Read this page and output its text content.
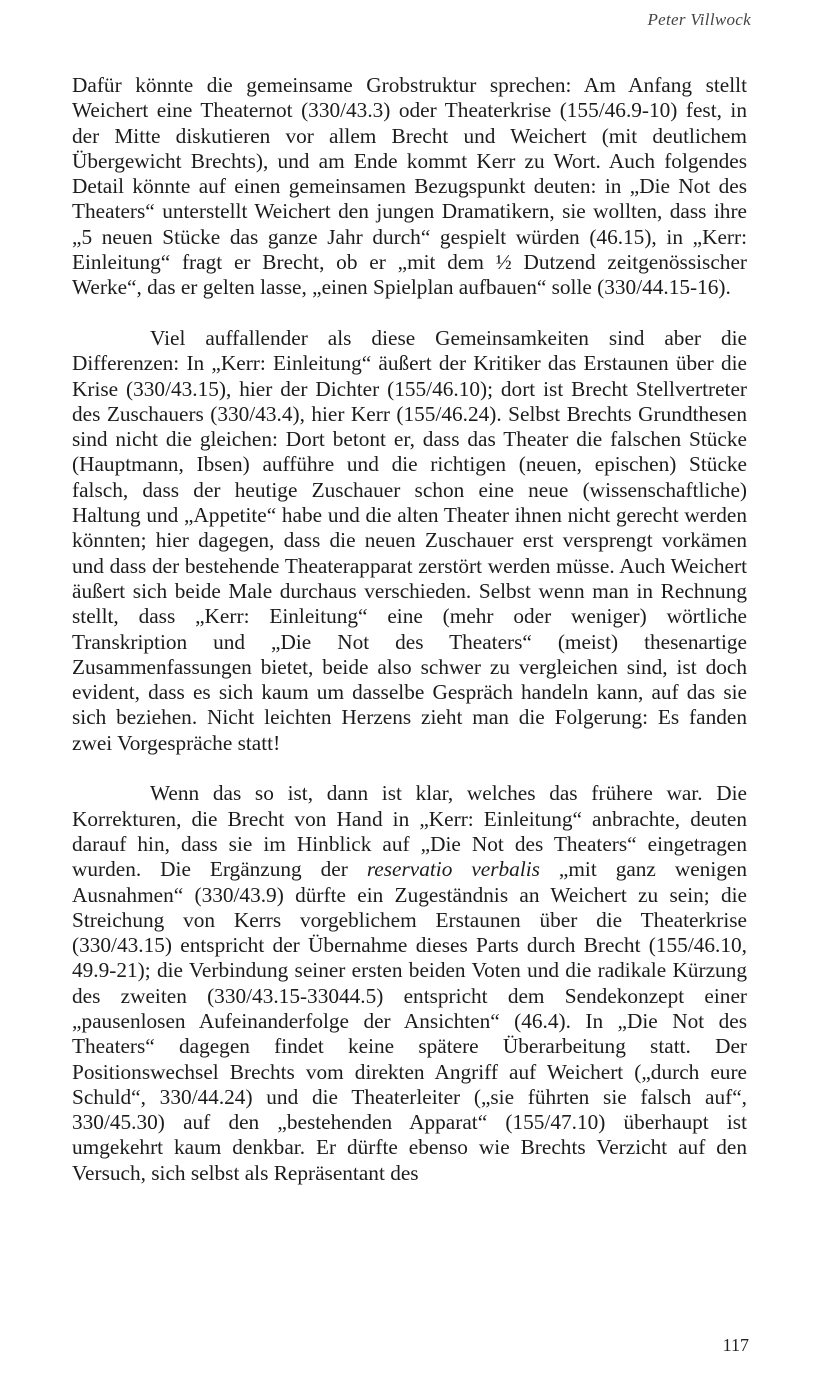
Peter Villwock

Dafür könnte die gemeinsame Grobstruktur sprechen: Am Anfang stellt Weichert eine Theaternot (330/43.3) oder Theaterkrise (155/46.9-10) fest, in der Mitte diskutieren vor allem Brecht und Weichert (mit deutlichem Übergewicht Brechts), und am Ende kommt Kerr zu Wort. Auch folgendes Detail könnte auf einen gemeinsamen Bezugspunkt deuten: in „Die Not des Theaters“ unterstellt Weichert den jungen Dramatikern, sie wollten, dass ihre „5 neuen Stücke das ganze Jahr durch“ gespielt würden (46.15), in „Kerr: Einleitung“ fragt er Brecht, ob er „mit dem ½ Dutzend zeitgenössischer Werke“, das er gelten lasse, „einen Spielplan aufbauen“ solle (330/44.15-16).

Viel auffallender als diese Gemeinsamkeiten sind aber die Differenzen: In „Kerr: Einleitung“ äußert der Kritiker das Erstaunen über die Krise (330/43.15), hier der Dichter (155/46.10); dort ist Brecht Stellvertreter des Zuschauers (330/43.4), hier Kerr (155/46.24). Selbst Brechts Grundthesen sind nicht die gleichen: Dort betont er, dass das Theater die falschen Stücke (Hauptmann, Ibsen) aufführe und die richtigen (neuen, epischen) Stücke falsch, dass der heutige Zuschauer schon eine neue (wissenschaftliche) Haltung und „Appetite“ habe und die alten Theater ihnen nicht gerecht werden könnten; hier dagegen, dass die neuen Zuschauer erst versprengt vorkämen und dass der bestehende Theaterapparat zerstört werden müsse. Auch Weichert äußert sich beide Male durchaus verschieden. Selbst wenn man in Rechnung stellt, dass „Kerr: Einleitung“ eine (mehr oder weniger) wörtliche Transkription und „Die Not des Theaters“ (meist) thesenartige Zusammenfassungen bietet, beide also schwer zu vergleichen sind, ist doch evident, dass es sich kaum um dasselbe Gespräch handeln kann, auf das sie sich beziehen. Nicht leichten Herzens zieht man die Folgerung: Es fanden zwei Vorgespräche statt!

Wenn das so ist, dann ist klar, welches das frühere war. Die Korrekturen, die Brecht von Hand in „Kerr: Einleitung“ anbrachte, deuten darauf hin, dass sie im Hinblick auf „Die Not des Theaters“ eingetragen wurden. Die Ergänzung der reservatio verbalis „mit ganz wenigen Ausnahmen“ (330/43.9) dürfte ein Zugeständnis an Weichert zu sein; die Streichung von Kerrs vorgeblichem Erstaunen über die Theaterkrise (330/43.15) entspricht der Übernahme dieses Parts durch Brecht (155/46.10, 49.9-21); die Verbindung seiner ersten beiden Voten und die radikale Kürzung des zweiten (330/43.15-33044.5) entspricht dem Sendekonzept einer „pausenlosen Aufeinanderfolge der Ansichten“ (46.4). In „Die Not des Theaters“ dagegen findet keine spätere Überarbeitung statt. Der Positionswechsel Brechts vom direkten Angriff auf Weichert („durch eure Schuld“, 330/44.24) und die Theaterleiter („sie führten sie falsch auf“, 330/45.30) auf den „bestehenden Apparat“ (155/47.10) überhaupt ist umgekehrt kaum denkbar. Er dürfte ebenso wie Brechts Verzicht auf den Versuch, sich selbst als Repräsentant des

117
